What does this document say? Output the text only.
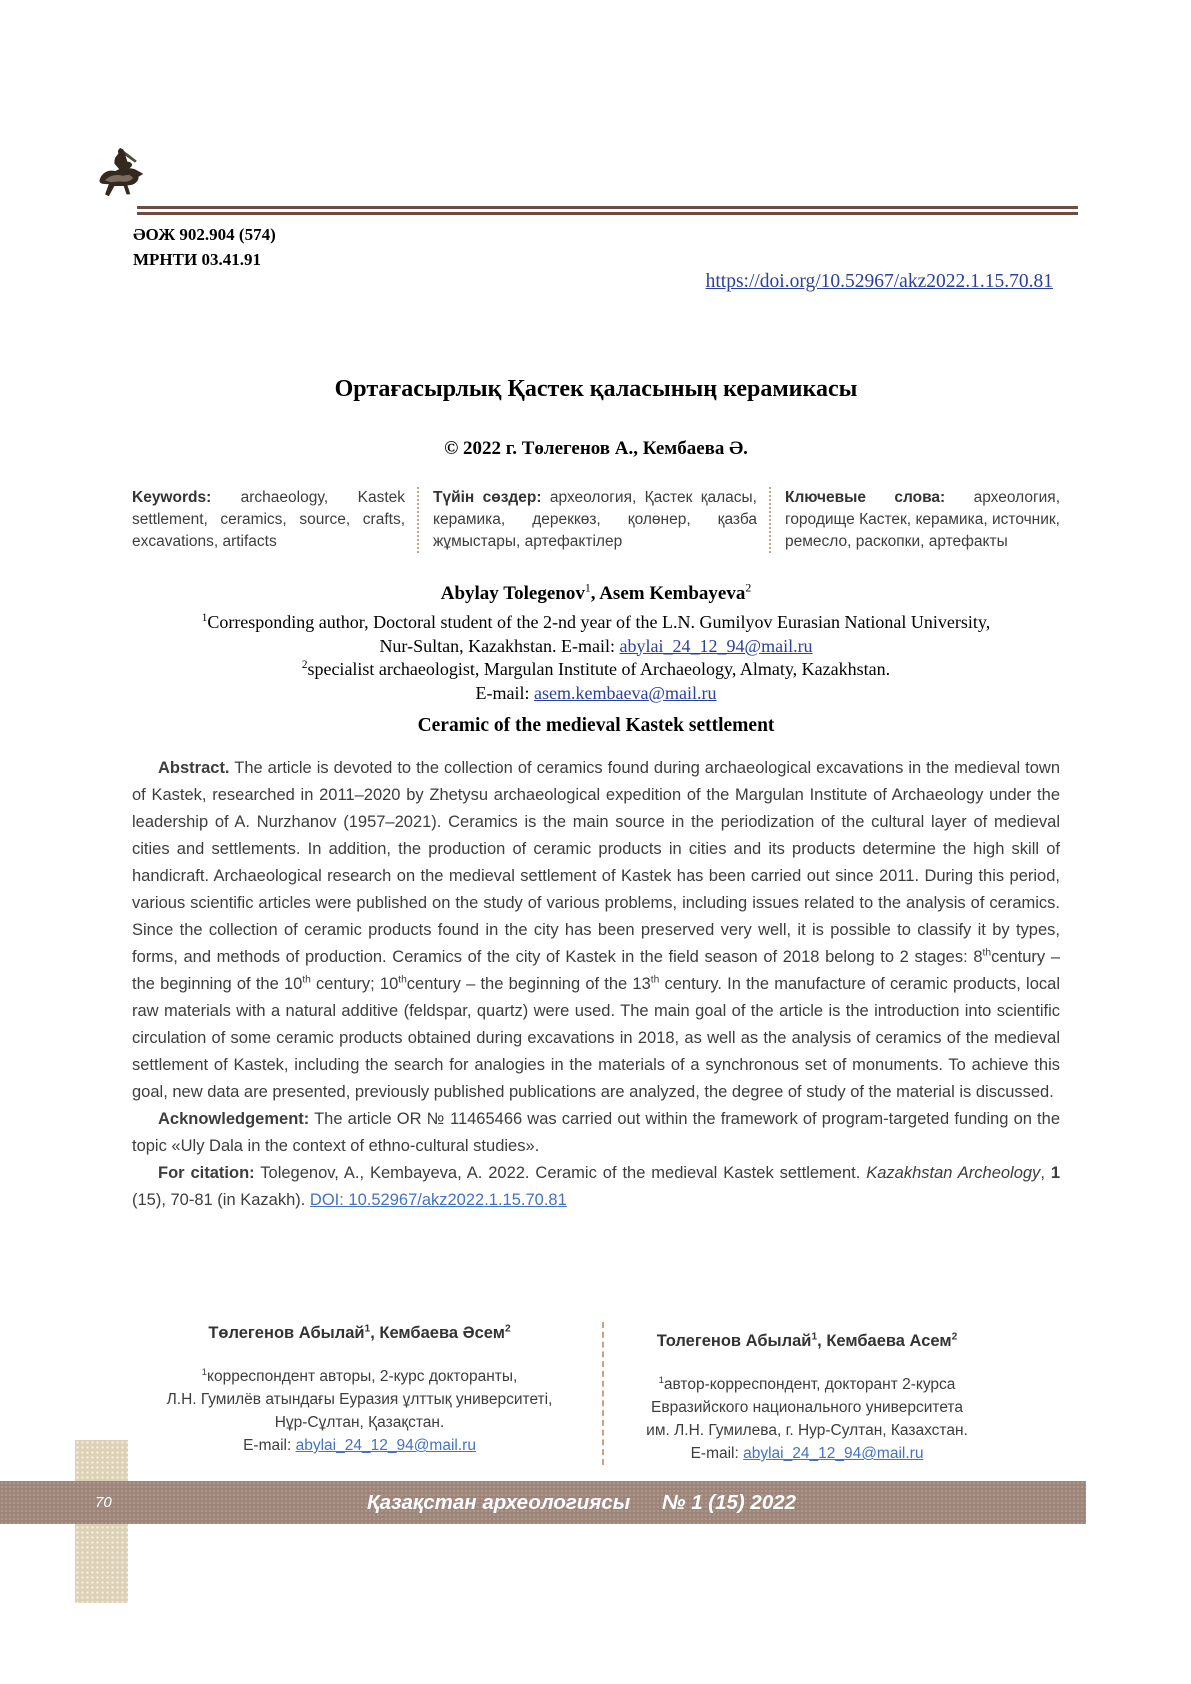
ӘОЖ 902.904 (574)
МРНТИ 03.41.91
https://doi.org/10.52967/akz2022.1.15.70.81
Ортағасырлық Қастек қаласының керамикасы
© 2022 г. Төлегенов А., Кембаева Ә.
Keywords: archaeology, Kastek settlement, ceramics, source, crafts, excavations, artifacts
Түйін сөздер: археология, Қастек қаласы, керамика, дереккөз, қолөнер, қазба жұмыстары, артефактілер
Ключевые слова: археология, городище Кастек, керамика, источник, ремесло, раскопки, артефакты
Abylay Tolegenov$^1$, Asem Kembayeva$^2$
$^1$Corresponding author, Doctoral student of the 2-nd year of the L.N. Gumilyov Eurasian National University,
Nur-Sultan, Kazakhstan. E-mail: abylai_24_12_94@mail.ru
$^2$specialist archaeologist, Margulan Institute of Archaeology, Almaty, Kazakhstan.
E-mail: asem.kembaeva@mail.ru
Ceramic of the medieval Kastek settlement

Abstract. The article is devoted to the collection of ceramics found during archaeological excavations in the medieval town of Kastek, researched in 2011–2020 by Zhetysu archaeological expedition of the Margulan Institute of Archaeology under the leadership of A. Nurzhanov (1957–2021). Ceramics is the main source in the periodization of the cultural layer of medieval cities and settlements. In addition, the production of ceramic products in cities and its products determine the high skill of handicraft. Archaeological research on the medieval settlement of Kastek has been carried out since 2011. During this period, various scientific articles were published on the study of various problems, including issues related to the analysis of ceramics. Since the collection of ceramic products found in the city has been preserved very well, it is possible to classify it by types, forms, and methods of production. Ceramics of the city of Kastek in the field season of 2018 belong to 2 stages: 8thcentury – the beginning of the 10th century; 10thcentury – the beginning of the 13th century. In the manufacture of ceramic products, local raw materials with a natural additive (feldspar, quartz) were used. The main goal of the article is the introduction into scientific circulation of some ceramic products obtained during excavations in 2018, as well as the analysis of ceramics of the medieval settlement of Kastek, including the search for analogies in the materials of a synchronous set of monuments. To achieve this goal, new data are presented, previously published publications are analyzed, the degree of study of the material is discussed.

Acknowledgement: The article OR № 11465466 was carried out within the framework of program-targeted funding on the topic «Uly Dala in the context of ethno-cultural studies».

For citation: Tolegenov, A., Kembayeva, A. 2022. Ceramic of the medieval Kastek settlement. Kazakhstan Archeology, 1 (15), 70-81 (in Kazakh). DOI: 10.52967/akz2022.1.15.70.81

Төлегенов Абылай$^1$, Кембаева Әсем$^2$
$^1$корреспондент авторы, 2-курс докторанты,
Л.Н. Гумилёв атындағы Еуразия ұлттық университеті,
Нұр-Сұлтан, Қазақстан.
E-mail: abylai_24_12_94@mail.ru
Толегенов Абылай$^1$, Кембаева Асем$^2$
$^1$автор-корреспондент, докторант 2-курса
Евразийского национального университета
им. Л.Н. Гумилева, г. Нур-Султан, Казахстан.
E-mail: abylai_24_12_94@mail.ru
70	Қазақстан археологиясы № 1 (15) 2022
